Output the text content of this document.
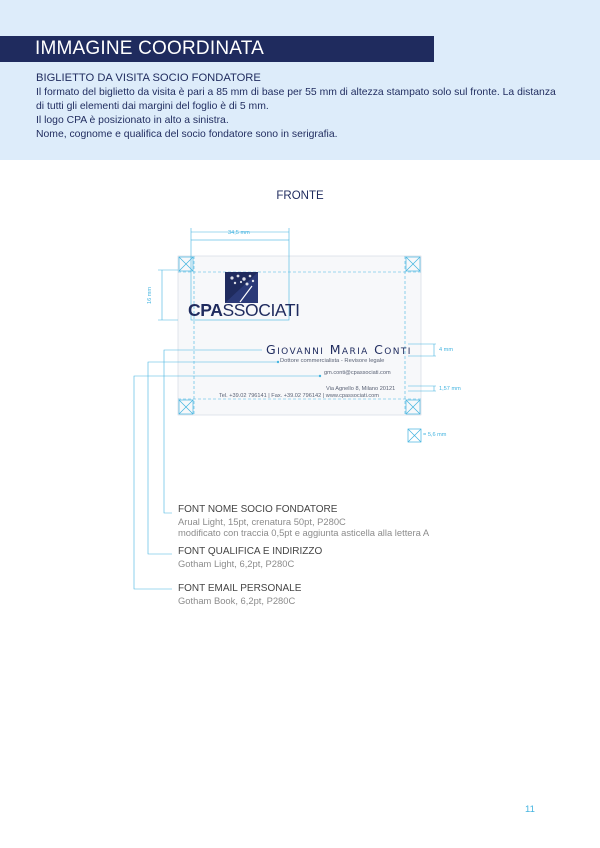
IMMAGINE COORDINATA
BIGLIETTO DA VISITA SOCIO FONDATORE
Il formato del biglietto da visita è pari a 85 mm di base per 55 mm di altezza stampato solo sul fronte. La distanza
di tutti gli elementi dai margini del foglio è di 5 mm.
Il logo CPA è posizionato in alto a sinistra.
Nome, cognome e qualifica del socio fondatore sono in serigrafia.
FRONTE
CPASSOCIATI
Giovanni Maria Conti
Dottore commercialista - Revisore legale
gm.conti@cpassociati.com
Via Agnello 8, Milano 20121
Tel. +39.02 796141 | Fax. +39.02 796142 | www.cpassociati.com
34,5 mm
16 mm
4 mm
1,57 mm
= 5,6 mm
FONT NOME SOCIO FONDATORE
Arual Light, 15pt, crenatura 50pt, P280C
modificato con traccia 0,5pt e aggiunta asticella alla lettera A
FONT QUALIFICA E INDIRIZZO
Gotham Light, 6,2pt, P280C
FONT EMAIL PERSONALE
Gotham Book, 6,2pt, P280C
11
